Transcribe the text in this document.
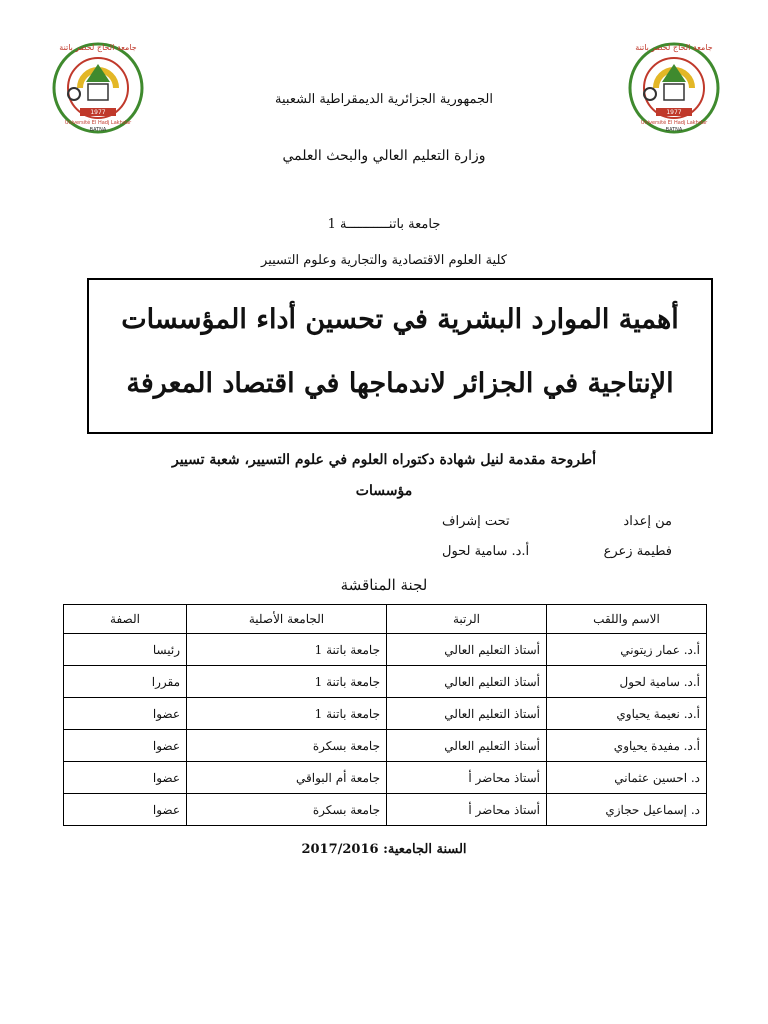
1977
Université El Hadj Lakhdar
BATNA
جامعة الحاج لخضر باتنة
1977
Université El Hadj Lakhdar
BATNA
جامعة الحاج لخضر باتنة
الجمهورية الجزائرية الديمقراطية الشعبية
وزارة التعليم العالي والبحث العلمي
جامعة باتنـــــــــــة 1
كلية العلوم الاقتصادية والتجارية وعلوم التسيير
أهمية الموارد البشرية في تحسين أداء المؤسسات
الإنتاجية في الجزائر لاندماجها في اقتصاد المعرفة
أطروحة مقدمة لنيل شهادة دكتوراه العلوم في علوم التسيير، شعبة تسيير
مؤسسات
من إعداد
فطيمة زعرع
تحت إشراف
أ.د. سامية لحول
لجنة المناقشة
الاسم واللقب	الرتبة	الجامعة الأصلية	الصفة
أ.د. عمار زيتوني	أستاذ التعليم العالي	جامعة باتنة 1	رئيسا
أ.د. سامية لحول	أستاذ التعليم العالي	جامعة باتنة 1	مقررا
أ.د. نعيمة يحياوي	أستاذ التعليم العالي	جامعة باتنة 1	عضوا
أ.د. مفيدة يحياوي	أستاذ التعليم العالي	جامعة بسكرة	عضوا
د. احسين عثماني	أستاذ محاضر أ	جامعة أم البواقي	عضوا
د. إسماعيل حجازي	أستاذ محاضر أ	جامعة بسكرة	عضوا
السنة الجامعية: 2017/2016
